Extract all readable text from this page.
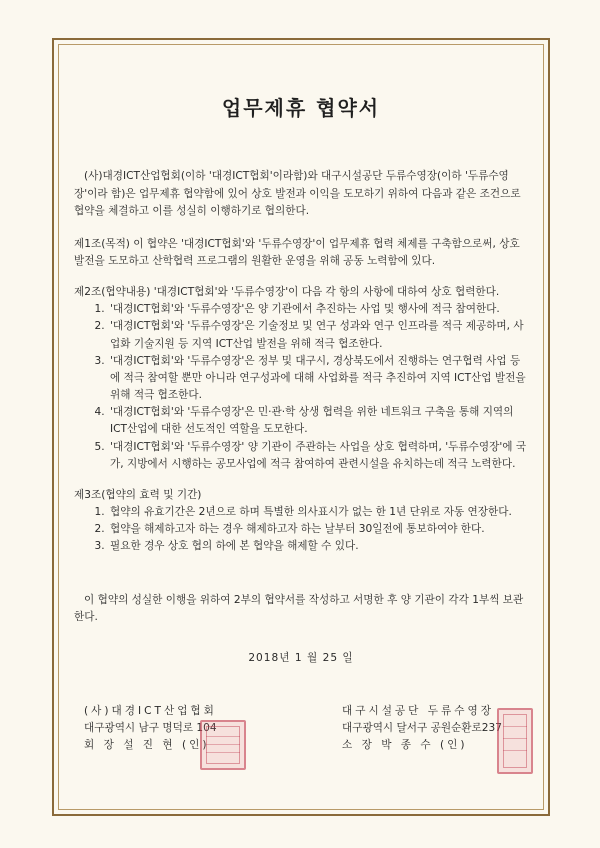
업무제휴 협약서

(사)대경ICT산업협회(이하 '대경ICT협회'이라함)와 대구시설공단 두류수영장(이하 '두류수영장'이라 함)은 업무제휴 협약함에 있어 상호 발전과 이익을 도모하기 위하여 다음과 같은 조건으로 협약을 체결하고 이를 성실히 이행하기로 협의한다.

제1조(목적) 이 협약은 '대경ICT협회'와 '두류수영장'이 업무제휴 협력 체제를 구축함으로써, 상호 발전을 도모하고 산학협력 프로그램의 원활한 운영을 위해 공동 노력함에 있다.

제2조(협약내용) '대경ICT협회'와 '두류수영장'이 다음 각 항의 사항에 대하여 상호 협력한다.

1. '대경ICT협회'와 '두류수영장'은 양 기관에서 추진하는 사업 및 행사에 적극 참여한다.
2. '대경ICT협회'와 '두류수영장'은 기술정보 및 연구 성과와 연구 인프라를 적극 제공하며, 사업화 기술지원 등 지역 ICT산업 발전을 위해 적극 협조한다.
3. '대경ICT협회'와 '두류수영장'은 정부 및 대구시, 경상북도에서 진행하는 연구협력 사업 등에 적극 참여할 뿐만 아니라 연구성과에 대해 사업화를 적극 추진하여 지역 ICT산업 발전을 위해 적극 협조한다.
4. '대경ICT협회'와 '두류수영장'은 민·관·학 상생 협력을 위한 네트워크 구축을 통해 지역의 ICT산업에 대한 선도적인 역할을 도모한다.
5. '대경ICT협회'와 '두류수영장' 양 기관이 주관하는 사업을 상호 협력하며, '두류수영장'에 국가, 지방에서 시행하는 공모사업에 적극 참여하여 관련시설을 유치하는데 적극 노력한다.

제3조(협약의 효력 및 기간)

1. 협약의 유효기간은 2년으로 하며 특별한 의사표시가 없는 한 1년 단위로 자동 연장한다.
2. 협약을 해제하고자 하는 경우 해제하고자 하는 날부터 30일전에 통보하여야 한다.
3. 필요한 경우 상호 협의 하에 본 협약을 해제할 수 있다.

이 협약의 성실한 이행을 위하여 2부의 협약서를 작성하고 서명한 후 양 기관이 각각 1부씩 보관한다.

2018년 1 월 25 일

(사)대경ICT산업협회
대구광역시 남구 명덕로 104
회 장 설 진 현 (인)
대구시설공단 두류수영장
대구광역시 달서구 공원순환로237
소 장 박 종 수 (인)
